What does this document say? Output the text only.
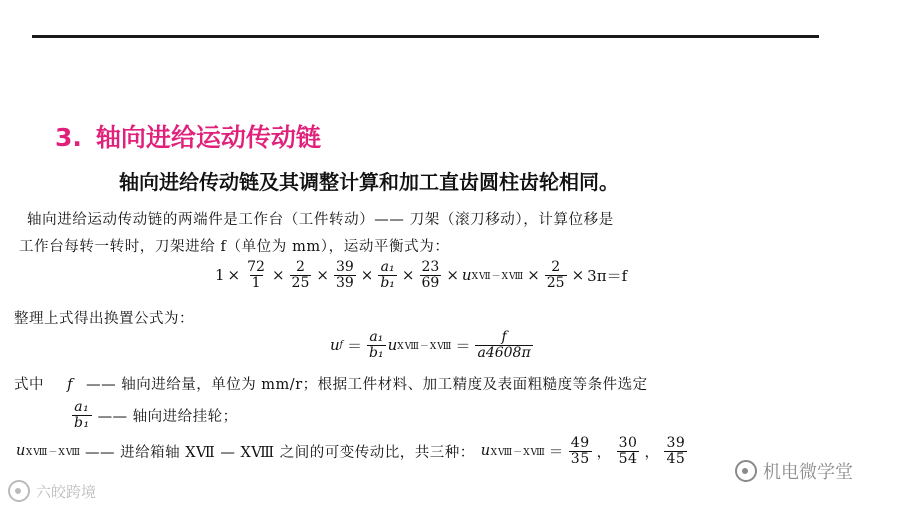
3. 轴向进给运动传动链
轴向进给传动链及其调整计算和加工直齿圆柱齿轮相同。
轴向进给运动传动链的两端件是工作台（工件转动）—— 刀架（滚刀移动），计算位移是
工作台每转一转时，刀架进给 f（单位为 mm），运动平衡式为：
$1 \times \frac{72}{1} \times \frac{2}{25} \times \frac{39}{39} \times \frac{\text{a₁}}{\text{b₁}} \times \frac{23}{69} \times u$ XⅦ－XⅧ × $\frac{2}{25} \times 3\pi=f$
整理上式得出换置公式为：
u $f = \frac{\text{a₁}}{\text{b₁}}$ u XⅧ－XⅧ ＝ $\frac{f}{a4608\pi}$
式中 f —— 轴向进给量，单位为 mm/r；根据工件材料、加工精度及表面粗糙度等条件选定
$\frac{\text{a₁}}{\text{b₁}}$ —— 轴向进给挂轮；
u XⅧ－XⅧ —— 进给箱轴 XⅦ — XⅧ 之间的可变传动比，共三种： u XⅧ－XⅧ ＝ $\frac{49}{35}$ ， $\frac{30}{54}$ ， $\frac{39}{45}$
六皎跨境
机电微学堂
